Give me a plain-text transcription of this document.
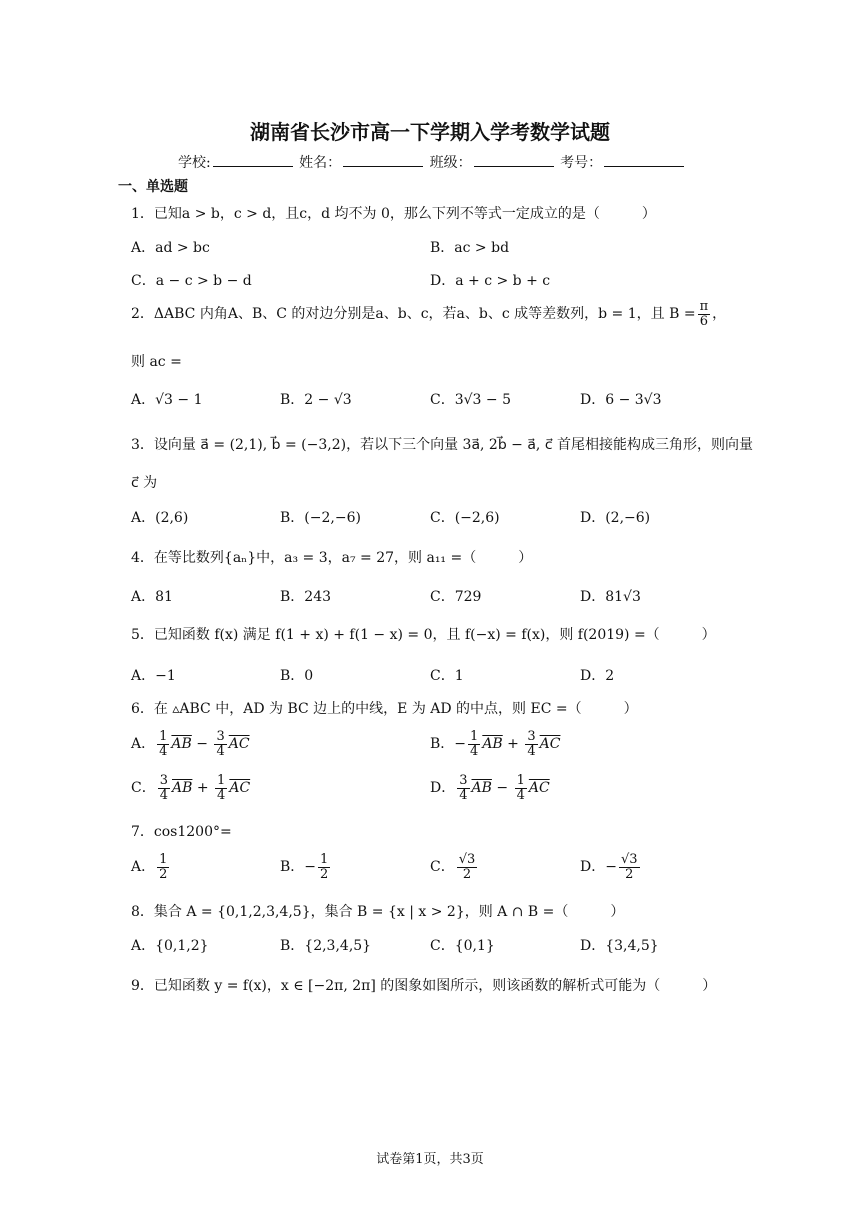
湖南省长沙市高一下学期入学考数学试题
学校:	姓名：	班级：	考号：
一、单选题
1．已知a > b，c > d，且c，d 均不为 0，那么下列不等式一定成立的是（　　　）
A．ad > bc	B．ac > bd
C．a − c > b − d	D．a + c > b + c
2．ΔABC 内角A、B、C 的对边分别是a、b、c，若a、b、c 成等差数列，b = 1，且 $B = \frac{\pi}{6}$ ，
则 ac =
A．√3 − 1	B．2 − √3	C．3√3 − 5	D．6 − 3√3
3．设向量 a⃗ = (2,1), b⃗ = (−3,2)，若以下三个向量 3a⃗, 2b⃗ − a⃗, c⃗ 首尾相接能构成三角形，则向量
c⃗ 为
A．(2,6)	B．(−2,−6)	C．(−2,6)	D．(2,−6)
4．在等比数列{aₙ}中，a₃ = 3，a₇ = 27，则 a₁₁ =（　　　）
A．81	B．243	C．729	D．81√3
5．已知函数 f(x) 满足 f(1 + x) + f(1 − x) = 0，且 f(−x) = f(x)，则 f(2019) =（　　　）
A．−1	B．0	C．1	D．2
6．在 ▵ABC 中，AD 为 BC 边上的中线，E 为 AD 的中点，则 EC =（　　　）
A． $\frac{1}{4} \overline{AB} - \frac{3}{4} \overline{AC}$	B．− $\frac{1}{4} \overline{AB} + \frac{3}{4} \overline{AC}$
C． $\frac{3}{4} \overline{AB} + \frac{1}{4} \overline{AC}$	D． $\frac{3}{4} \overline{AB} - \frac{1}{4} \overline{AC}$
7．cos1200°=
A． $\frac{1}{2}$	B．− $\frac{1}{2}$	C． $\frac{√3}{2}$	D．− $\frac{√3}{2}$
8．集合 A = {0,1,2,3,4,5}，集合 B = {x | x > 2}，则 A ∩ B =（　　　）
A．{0,1,2}	B．{2,3,4,5}	C．{0,1}	D．{3,4,5}
9．已知函数 y = f(x)，x ∈ [−2π, 2π] 的图象如图所示，则该函数的解析式可能为（　　　）
试卷第1页，共3页
